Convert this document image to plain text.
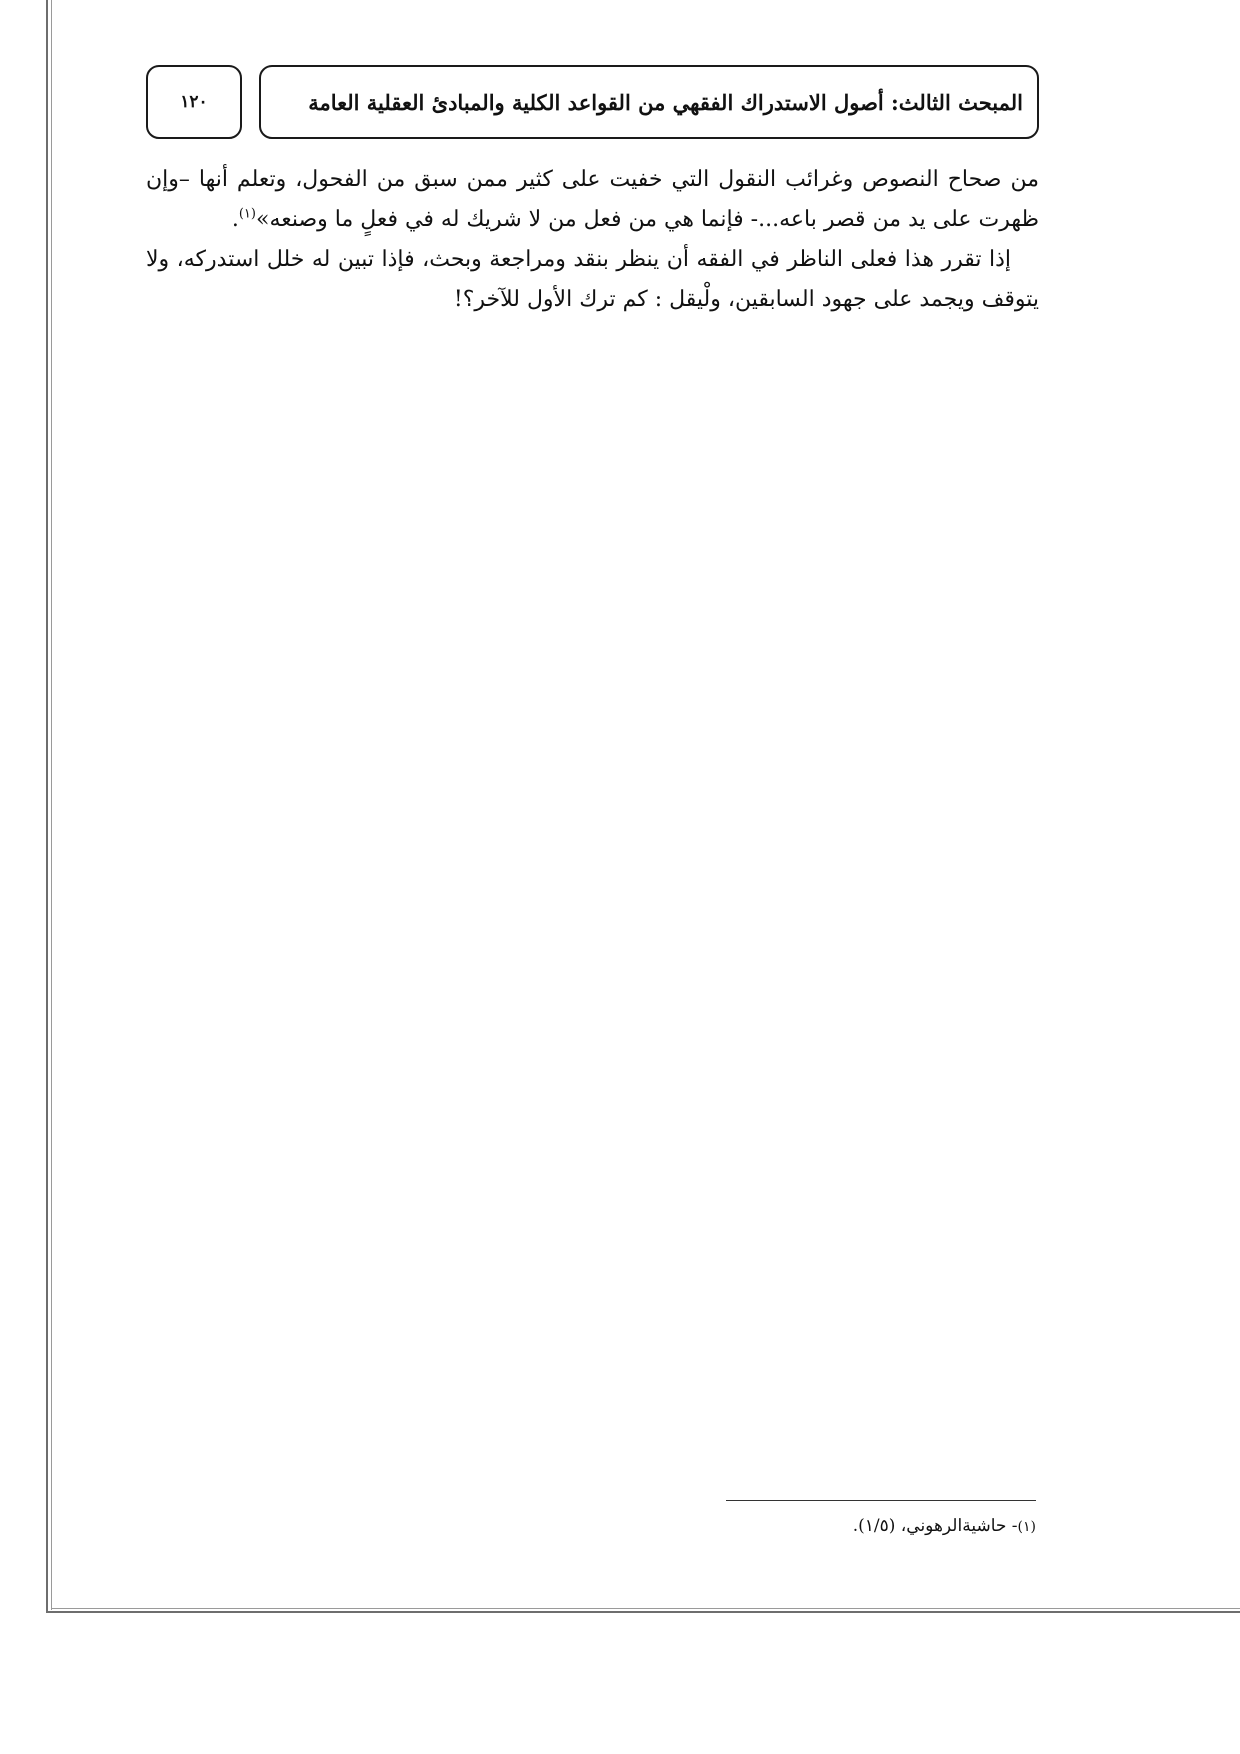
المبحث الثالث: أصول الاستدراك الفقهي من القواعد الكلية والمبادئ العقلية العامة
١٢٠

من صحاح النصوص وغرائب النقول التي خفيت على كثير ممن سبق من الفحول، وتعلم أنها –وإن ظهرت على يد من قصر باعه...- فإنما هي من فعل من لا شريك له في فعلٍ ما وصنعه»$^{(١)}$.

إذا تقرر هذا فعلى الناظر في الفقه أن ينظر بنقد ومراجعة وبحث، فإذا تبين له خلل استدركه، ولا يتوقف ويجمد على جهود السابقين، ولْيقل : كم ترك الأول للآخر؟!

(١)- حاشيةالرهوني، (١/٥).
